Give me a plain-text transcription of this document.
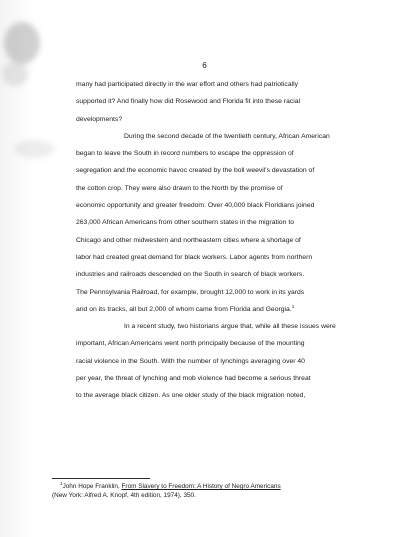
6
many had participated directly in the war effort and others had patriotically
supported it? And finally how did Rosewood and Florida fit into these racial
developments?
During the second decade of the twentieth century, African American
began to leave the South in record numbers to escape the oppression of
segregation and the economic havoc created by the boll weevil's devastation of
the cotton crop. They were also drawn to the North by the promise of
economic opportunity and greater freedom. Over 40,000 black Floridians joined
263,000 African Americans from other southern states in the migration to
Chicago and other midwestern and northeastern cities where a shortage of
labor had created great demand for black workers. Labor agents from northern
industries and railroads descended on the South in search of black workers.
The Pennsylvania Railroad, for example, brought 12,000 to work in its yards
and on its tracks, all but 2,000 of whom came from Florida and Georgia.$^1$
In a recent study, two historians argue that, while all these issues were
important, African Americans went north principally because of the mounting
racial violence in the South. With the number of lynchings averaging over 40
per year, the threat of lynching and mob violence had become a serious threat
to the average black citizen. As one older study of the black migration noted,
$^1$John Hope Franklin, From Slavery to Freedom: A History of Negro Americans
(New York: Alfred A. Knopf, 4th edition, 1974), 350.
